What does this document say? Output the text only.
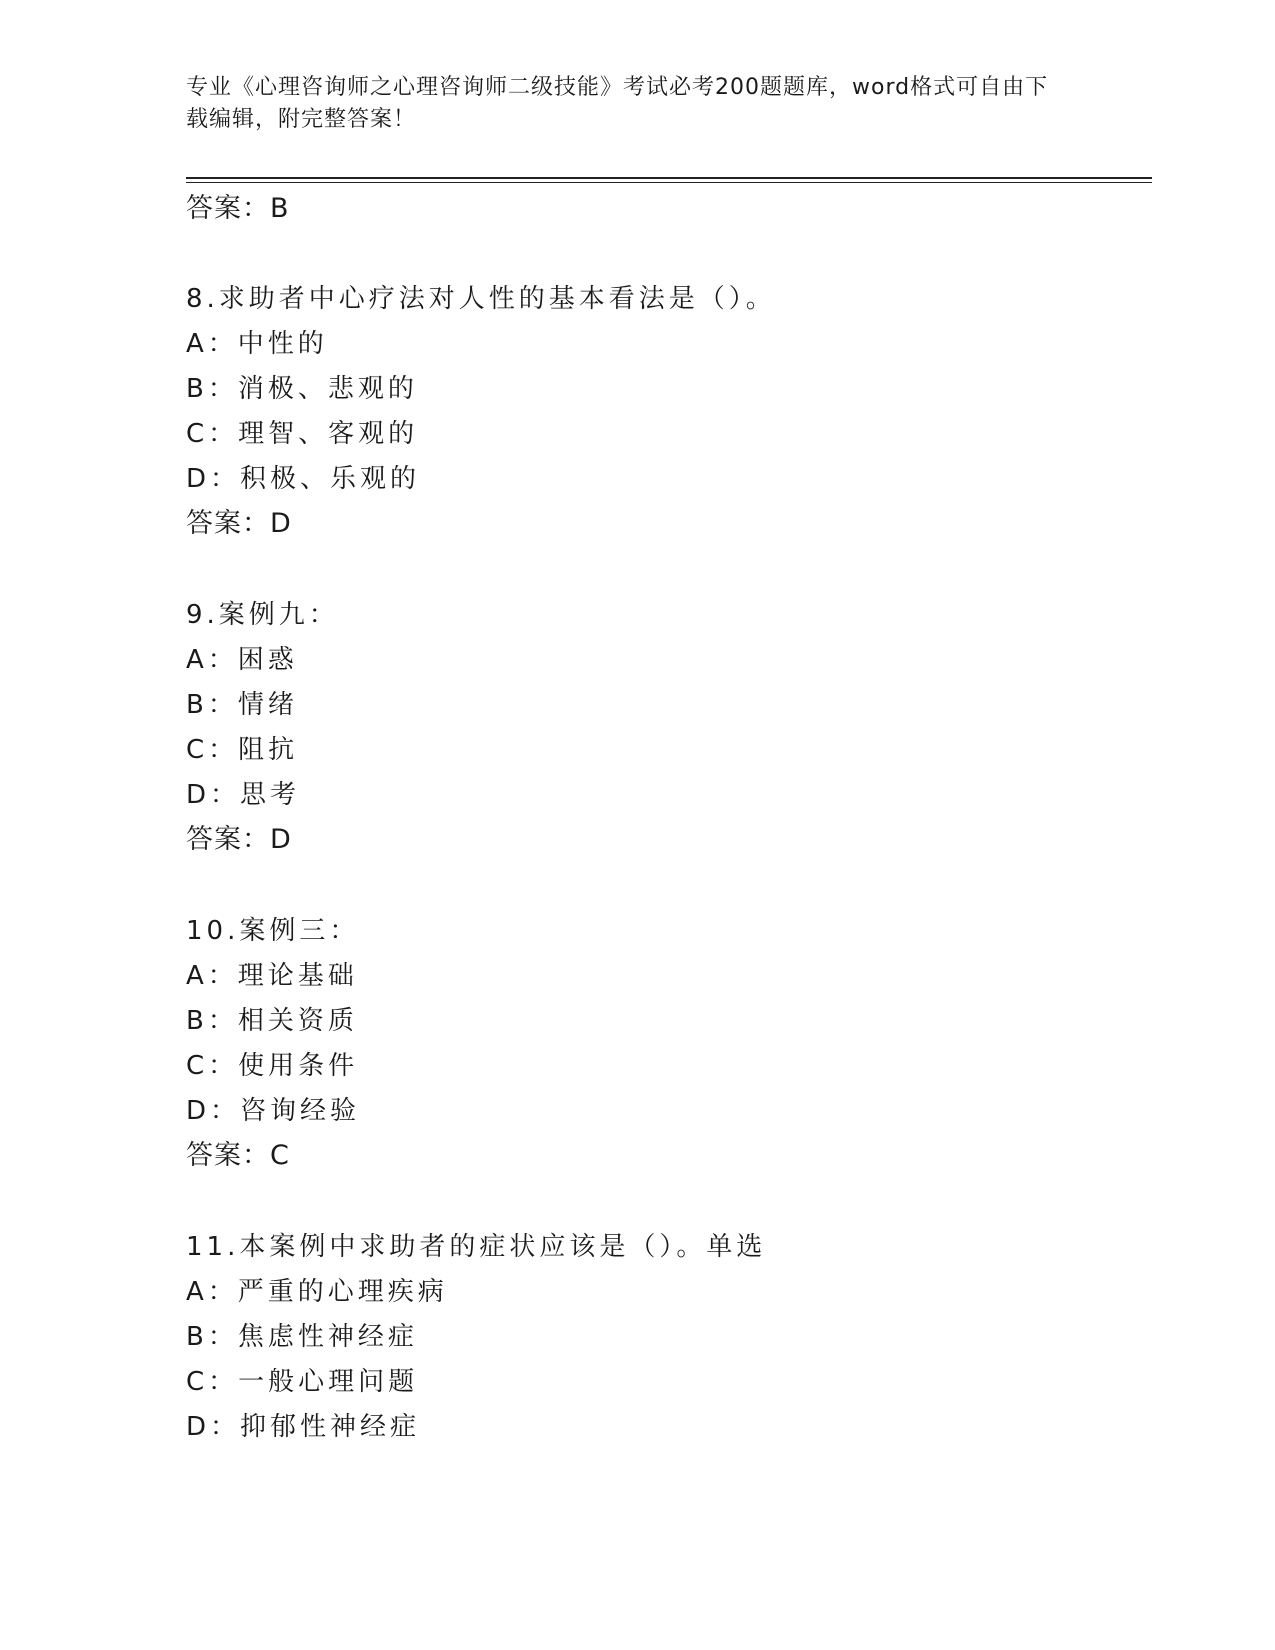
专业《心理咨询师之心理咨询师二级技能》考试必考200题题库，word格式可自由下载编辑，附完整答案！
答案：B
8.求助者中心疗法对人性的基本看法是（）。
A：中性的
B：消极、悲观的
C：理智、客观的
D：积极、乐观的
答案：D
9.案例九：
A：困惑
B：情绪
C：阻抗
D：思考
答案：D
10.案例三：
A：理论基础
B：相关资质
C：使用条件
D：咨询经验
答案：C
11.本案例中求助者的症状应该是（）。单选
A：严重的心理疾病
B：焦虑性神经症
C：一般心理问题
D：抑郁性神经症
